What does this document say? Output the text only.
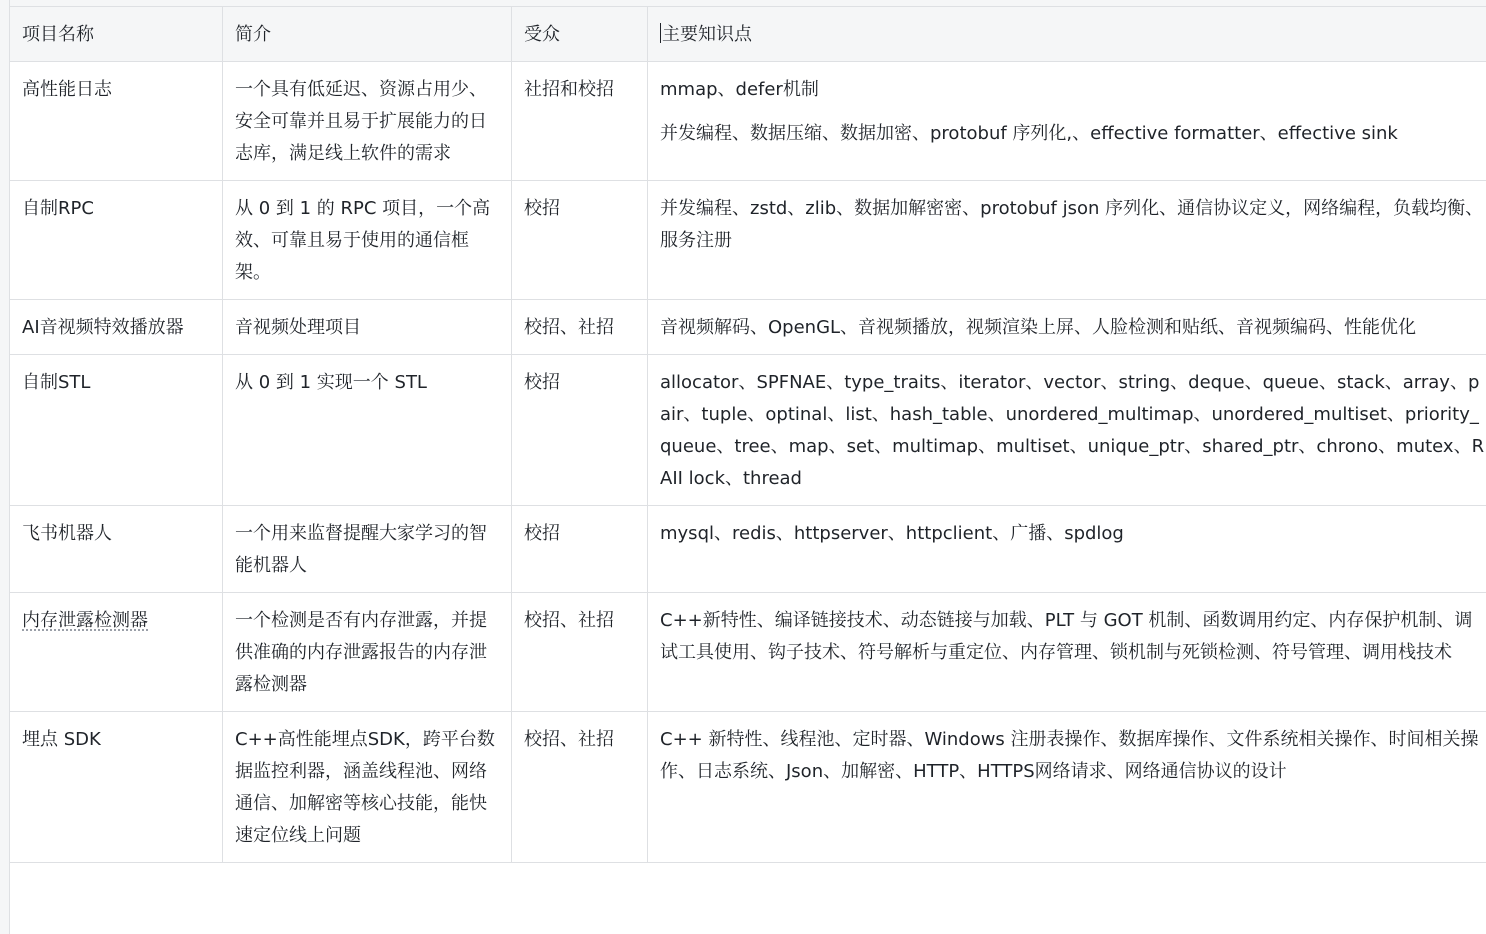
项目名称	简介	受众	主要知识点
高性能日志	一个具有低延迟、资源占用少、安全可靠并且易于扩展能力的日志库，满足线上软件的需求	社招和校招	mmap、defer机制
并发编程、数据压缩、数据加密、protobuf 序列化,、effective formatter、effective sink

自制RPC	从 0 到 1 的 RPC 项目，一个高效、可靠且易于使用的通信框架。	校招	并发编程、zstd、zlib、数据加解密密、protobuf json 序列化、通信协议定义，网络编程，负载均衡、服务注册

AI音视频特效播放器	音视频处理项目	校招、社招	音视频解码、OpenGL、音视频播放，视频渲染上屏、人脸检测和贴纸、音视频编码、性能优化

自制STL	从 0 到 1 实现一个 STL	校招	allocator、SPFNAE、type_traits、iterator、vector、string、deque、queue、stack、array、pair、tuple、optinal、list、hash_table、unordered_multimap、unordered_multiset、priority_queue、tree、map、set、multimap、multiset、unique_ptr、shared_ptr、chrono、mutex、RAII lock、thread

飞书机器人	一个用来监督提醒大家学习的智能机器人	校招	mysql、redis、httpserver、httpclient、广播、spdlog

内存泄露检测器	一个检测是否有内存泄露，并提供准确的内存泄露报告的内存泄露检测器	校招、社招	C++新特性、编译链接技术、动态链接与加载、PLT 与 GOT 机制、函数调用约定、内存保护机制、调试工具使用、钩子技术、符号解析与重定位、内存管理、锁机制与死锁检测、符号管理、调用栈技术

埋点 SDK	C++高性能埋点SDK，跨平台数据监控利器，涵盖线程池、网络通信、加解密等核心技能，能快速定位线上问题	校招、社招	C++ 新特性、线程池、定时器、Windows 注册表操作、数据库操作、文件系统相关操作、时间相关操作、日志系统、Json、加解密、HTTP、HTTPS网络请求、网络通信协议的设计
